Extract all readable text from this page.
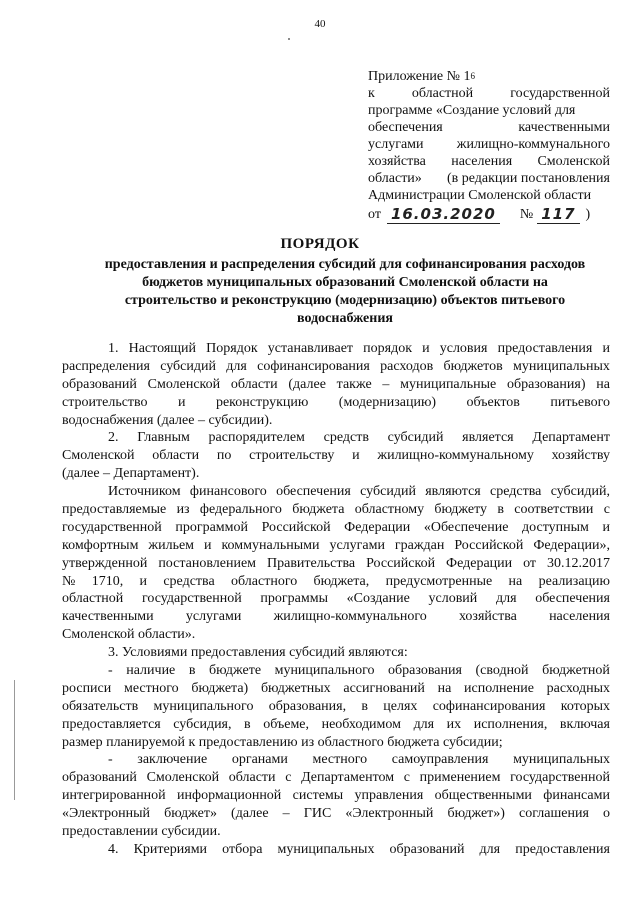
40
Приложение № 1 6
к	областной	государственной
программе «Создание условий для
обеспечения	качественными
услугами жилищно-коммунального
хозяйства населения Смоленской
области» (в редакции постановления
Администрации Смоленской области
от 16.03.2020 № 117 )
ПОРЯДОК
предоставления и распределения субсидий для софинансирования расходов бюджетов муниципальных образований Смоленской области на строительство и реконструкцию (модернизацию) объектов питьевого водоснабжения
1. Настоящий Порядок устанавливает порядок и условия предоставления и
распределения субсидий для софинансирования расходов бюджетов муниципальных
образований Смоленской области (далее также – муниципальные образования) на
строительство и реконструкцию (модернизацию) объектов питьевого
водоснабжения (далее – субсидии).
2. Главным распорядителем средств субсидий является Департамент
Смоленской области по строительству и жилищно-коммунальному хозяйству
(далее – Департамент).
Источником финансового обеспечения субсидий являются средства субсидий,
предоставляемые из федерального бюджета областному бюджету в соответствии с
государственной программой Российской Федерации «Обеспечение доступным и
комфортным жильем и коммунальными услугами граждан Российской Федерации»,
утвержденной постановлением Правительства Российской Федерации от 30.12.2017
№ 1710, и средства областного бюджета, предусмотренные на реализацию
областной государственной программы «Создание условий для обеспечения
качественными услугами жилищно-коммунального хозяйства населения
Смоленской области».
3. Условиями предоставления субсидий являются:
- наличие в бюджете муниципального образования (сводной бюджетной
росписи местного бюджета) бюджетных ассигнований на исполнение расходных
обязательств муниципального образования, в целях софинансирования которых
предоставляется субсидия, в объеме, необходимом для их исполнения, включая
размер планируемой к предоставлению из областного бюджета субсидии;
- заключение органами местного самоуправления муниципальных
образований Смоленской области с Департаментом с применением государственной
интегрированной информационной системы управления общественными финансами
«Электронный бюджет» (далее – ГИС «Электронный бюджет») соглашения о
предоставлении субсидии.
4. Критериями отбора муниципальных образований для предоставления
